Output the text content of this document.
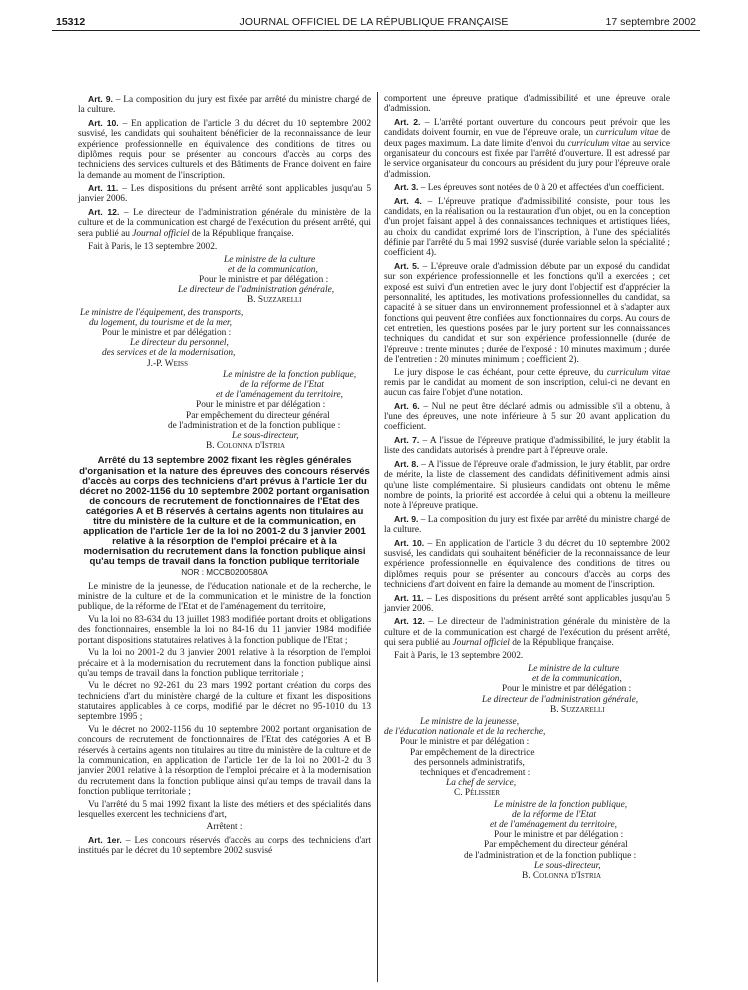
15312	JOURNAL OFFICIEL DE LA RÉPUBLIQUE FRANÇAISE	17 septembre 2002

Art. 9. – La composition du jury est fixée par arrêté du ministre chargé de la culture.

Art. 10. – En application de l'article 3 du décret du 10 septembre 2002 susvisé, les candidats qui souhaitent bénéficier de la reconnaissance de leur expérience professionnelle en équivalence des conditions de titres ou diplômes requis pour se présenter au concours d'accès au corps des techniciens des services culturels et des Bâtiments de France doivent en faire la demande au moment de l'inscription.

Art. 11. – Les dispositions du présent arrêté sont applicables jusqu'au 5 janvier 2006.

Art. 12. – Le directeur de l'administration générale du ministère de la culture et de la communication est chargé de l'exécution du présent arrêté, qui sera publié au Journal officiel de la République française.

Fait à Paris, le 13 septembre 2002.

Le ministre de la culture
et de la communication,
Pour le ministre et par délégation :
Le directeur de l'administration générale,
B. Suzzarelli
Le ministre de l'équipement, des transports,
du logement, du tourisme et de la mer,
Pour le ministre et par délégation :
Le directeur du personnel,
des services et de la modernisation,
J.-P. Weiss
Le ministre de la fonction publique,
de la réforme de l'Etat
et de l'aménagement du territoire,
Pour le ministre et par délégation :
Par empêchement du directeur général
de l'administration et de la fonction publique :
Le sous-directeur,
B. Colonna d'Istria
Arrêté du 13 septembre 2002 fixant les règles générales d'organisation et la nature des épreuves des concours réservés d'accès au corps des techniciens d'art prévus à l'article 1er du décret no 2002-1156 du 10 septembre 2002 portant organisation de concours de recrutement de fonctionnaires de l'Etat des catégories A et B réservés à certains agents non titulaires au titre du ministère de la culture et de la communication, en application de l'article 1er de la loi no 2001-2 du 3 janvier 2001 relative à la résorption de l'emploi précaire et à la modernisation du recrutement dans la fonction publique ainsi qu'au temps de travail dans la fonction publique territoriale
NOR : MCCB0200580A

Le ministre de la jeunesse, de l'éducation nationale et de la recherche, le ministre de la culture et de la communication et le ministre de la fonction publique, de la réforme de l'Etat et de l'aménagement du territoire,

Vu la loi no 83-634 du 13 juillet 1983 modifiée portant droits et obligations des fonctionnaires, ensemble la loi no 84-16 du 11 janvier 1984 modifiée portant dispositions statutaires relatives à la fonction publique de l'Etat ;

Vu la loi no 2001-2 du 3 janvier 2001 relative à la résorption de l'emploi précaire et à la modernisation du recrutement dans la fonction publique ainsi qu'au temps de travail dans la fonction publique territoriale ;

Vu le décret no 92-261 du 23 mars 1992 portant création du corps des techniciens d'art du ministère chargé de la culture et fixant les dispositions statutaires applicables à ce corps, modifié par le décret no 95-1010 du 13 septembre 1995 ;

Vu le décret no 2002-1156 du 10 septembre 2002 portant organisation de concours de recrutement de fonctionnaires de l'Etat des catégories A et B réservés à certains agents non titulaires au titre du ministère de la culture et de la communication, en application de l'article 1er de la loi no 2001-2 du 3 janvier 2001 relative à la résorption de l'emploi précaire et à la modernisation du recrutement dans la fonction publique ainsi qu'au temps de travail dans la fonction publique territoriale ;

Vu l'arrêté du 5 mai 1992 fixant la liste des métiers et des spécialités dans lesquelles exercent les techniciens d'art,

Arrêtent :

Art. 1er. – Les concours réservés d'accès au corps des techniciens d'art institués par le décret du 10 septembre 2002 susvisé

comportent une épreuve pratique d'admissibilité et une épreuve orale d'admission.

Art. 2. – L'arrêté portant ouverture du concours peut prévoir que les candidats doivent fournir, en vue de l'épreuve orale, un curriculum vitae de deux pages maximum. La date limite d'envoi du curriculum vitae au service organisateur du concours est fixée par l'arrêté d'ouverture. Il est adressé par le service organisateur du concours au président du jury pour l'épreuve orale d'admission.

Art. 3. – Les épreuves sont notées de 0 à 20 et affectées d'un coefficient.

Art. 4. – L'épreuve pratique d'admissibilité consiste, pour tous les candidats, en la réalisation ou la restauration d'un objet, ou en la conception d'un projet faisant appel à des connaissances techniques et artistiques liées, au choix du candidat exprimé lors de l'inscription, à l'une des spécialités définie par l'arrêté du 5 mai 1992 susvisé (durée variable selon la spécialité ; coefficient 4).

Art. 5. – L'épreuve orale d'admission débute par un exposé du candidat sur son expérience professionnelle et les fonctions qu'il a exercées ; cet exposé est suivi d'un entretien avec le jury dont l'objectif est d'apprécier la personnalité, les aptitudes, les motivations professionnelles du candidat, sa capacité à se situer dans un environnement professionnel et à s'adapter aux fonctions qui peuvent être confiées aux fonctionnaires du corps. Au cours de cet entretien, les questions posées par le jury portent sur les connaissances techniques du candidat et sur son expérience professionnelle (durée de l'épreuve : trente minutes ; durée de l'exposé : 10 minutes maximum ; durée de l'entretien : 20 minutes minimum ; coefficient 2).

Le jury dispose le cas échéant, pour cette épreuve, du curriculum vitae remis par le candidat au moment de son inscription, celui-ci ne devant en aucun cas faire l'objet d'une notation.

Art. 6. – Nul ne peut être déclaré admis ou admissible s'il a obtenu, à l'une des épreuves, une note inférieure à 5 sur 20 avant application du coefficient.

Art. 7. – A l'issue de l'épreuve pratique d'admissibilité, le jury établit la liste des candidats autorisés à prendre part à l'épreuve orale.

Art. 8. – A l'issue de l'épreuve orale d'admission, le jury établit, par ordre de mérite, la liste de classement des candidats définitivement admis ainsi qu'une liste complémentaire. Si plusieurs candidats ont obtenu le même nombre de points, la priorité est accordée à celui qui a obtenu la meilleure note à l'épreuve pratique.

Art. 9. – La composition du jury est fixée par arrêté du ministre chargé de la culture.

Art. 10. – En application de l'article 3 du décret du 10 septembre 2002 susvisé, les candidats qui souhaitent bénéficier de la reconnaissance de leur expérience professionnelle en équivalence des conditions de titres ou diplômes requis pour se présenter au concours d'accès au corps des techniciens d'art doivent en faire la demande au moment de l'inscription.

Art. 11. – Les dispositions du présent arrêté sont applicables jusqu'au 5 janvier 2006.

Art. 12. – Le directeur de l'administration générale du ministère de la culture et de la communication est chargé de l'exécution du présent arrêté, qui sera publié au Journal officiel de la République française.

Fait à Paris, le 13 septembre 2002.

Le ministre de la culture
et de la communication,
Pour le ministre et par délégation :
Le directeur de l'administration générale,
B. Suzzarelli
Le ministre de la jeunesse,
de l'éducation nationale et de la recherche,
Pour le ministre et par délégation :
Par empêchement de la directrice
des personnels administratifs,
techniques et d'encadrement :
La chef de service,
C. Pélissier
Le ministre de la fonction publique,
de la réforme de l'Etat
et de l'aménagement du territoire,
Pour le ministre et par délégation :
Par empêchement du directeur général
de l'administration et de la fonction publique :
Le sous-directeur,
B. Colonna d'Istria
